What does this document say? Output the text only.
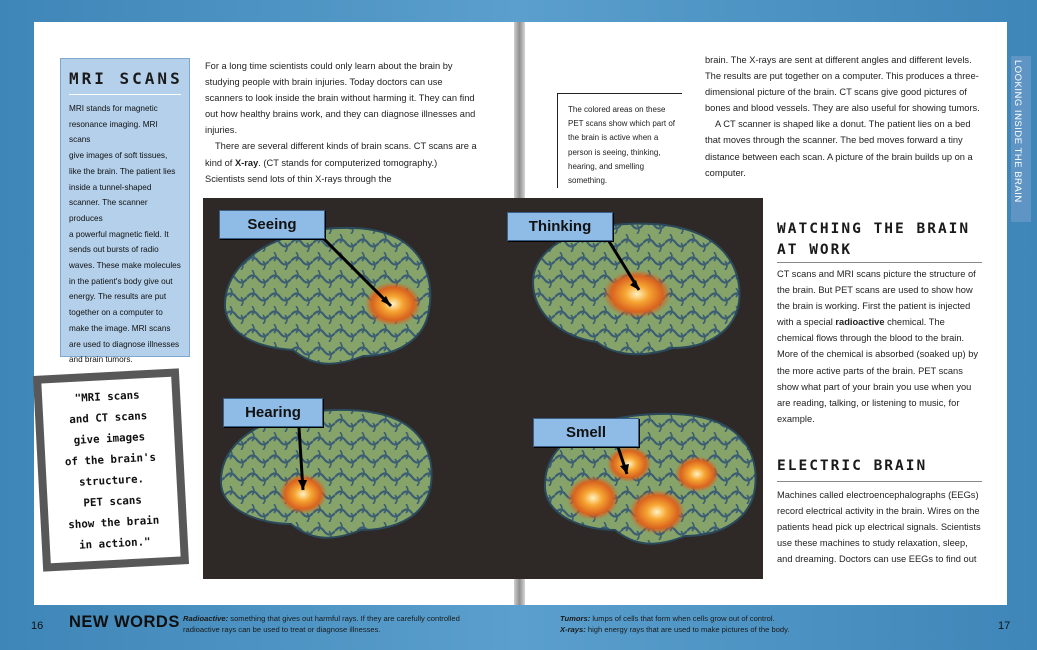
MRI SCANS

MRI stands for magnetic
resonance imaging. MRI scans
give images of soft tissues,
like the brain. The patient lies
inside a tunnel-shaped
scanner. The scanner produces
a powerful magnetic field. It
sends out bursts of radio
waves. These make molecules
in the patient's body give out
energy. The results are put
together on a computer to
make the image. MRI scans
are used to diagnose illnesses
and brain tumors.

"MRI scans
and CT scans
give images
of the brain's
structure.
PET scans
show the brain
in action."

For a long time scientists could only learn about the brain by studying people with brain injuries. Today doctors can use scanners to look inside the brain without harming it. They can find out how healthy brains work, and they can diagnose illnesses and injuries.

There are several different kinds of brain scans. CT scans are a kind of X-ray. (CT stands for computerized tomography.) Scientists send lots of thin X-rays through the

The colored areas on these PET scans show which part of the brain is active when a person is seeing, thinking, hearing, and smelling something.

Seeing	Thinking
Hearing
Smell

brain. The X-rays are sent at different angles and different levels. The results are put together on a computer. This produces a three-dimensional picture of the brain. CT scans give good pictures of bones and blood vessels. They are also useful for showing tumors.

A CT scanner is shaped like a donut. The patient lies on a bed that moves through the scanner. The bed moves forward a tiny distance between each scan. A picture of the brain builds up on a computer.

WATCHING THE BRAIN
AT WORK

CT scans and MRI scans picture the structure of the brain. But PET scans are used to show how the brain is working. First the patient is injected with a special radioactive chemical. The chemical flows through the blood to the brain. More of the chemical is absorbed (soaked up) by the more active parts of the brain. PET scans show what part of your brain you use when you are reading, talking, or listening to music, for example.

ELECTRIC BRAIN

Machines called electroencephalographs (EEGs) record electrical activity in the brain. Wires on the patients head pick up electrical signals. Scientists use these machines to study relaxation, sleep, and dreaming. Doctors can use EEGs to find out

LOOKING INSIDE THE BRAIN
16	17
NEW WORDS Radioactive: something that gives out harmful rays. If they are carefully controlled
radioactive rays can be used to treat or diagnose illnesses.
Tumors: lumps of cells that form when cells grow out of control.
X-rays: high energy rays that are used to make pictures of the body.
